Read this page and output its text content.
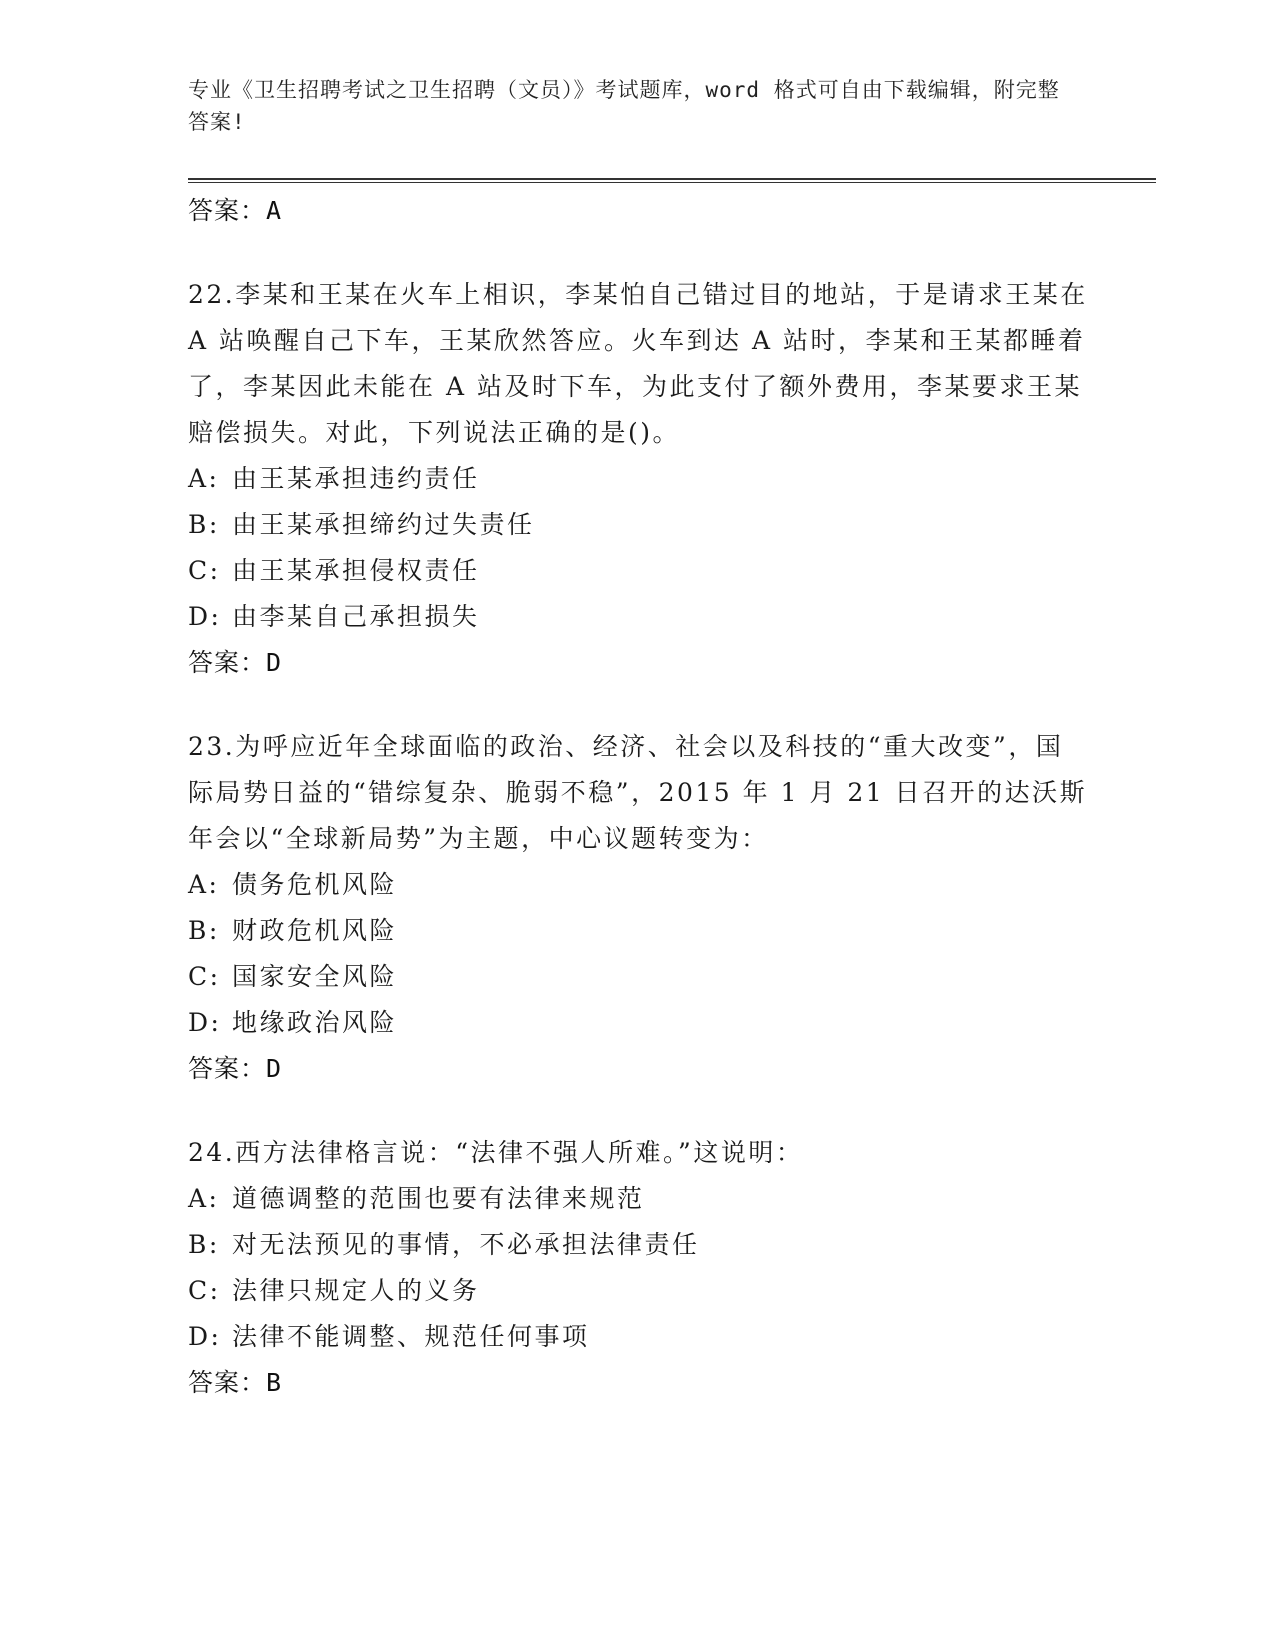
专业《卫生招聘考试之卫生招聘（文员）》考试题库，word 格式可自由下载编辑，附完整答案!
答案：A
22.李某和王某在火车上相识，李某怕自己错过目的地站，于是请求王某在 A 站唤醒自己下车，王某欣然答应。火车到达 A 站时，李某和王某都睡着了，李某因此未能在 A 站及时下车，为此支付了额外费用，李某要求王某赔偿损失。对此，下列说法正确的是()。
A: 由王某承担违约责任
B: 由王某承担缔约过失责任
C: 由王某承担侵权责任
D: 由李某自己承担损失
答案：D
23.为呼应近年全球面临的政治、经济、社会以及科技的“重大改变”，国际局势日益的“错综复杂、脆弱不稳”，2015 年 1 月 21 日召开的达沃斯年会以“全球新局势”为主题，中心议题转变为：
A: 债务危机风险
B: 财政危机风险
C: 国家安全风险
D: 地缘政治风险
答案：D
24.西方法律格言说：“法律不强人所难。”这说明：
A: 道德调整的范围也要有法律来规范
B: 对无法预见的事情，不必承担法律责任
C: 法律只规定人的义务
D: 法律不能调整、规范任何事项
答案：B
